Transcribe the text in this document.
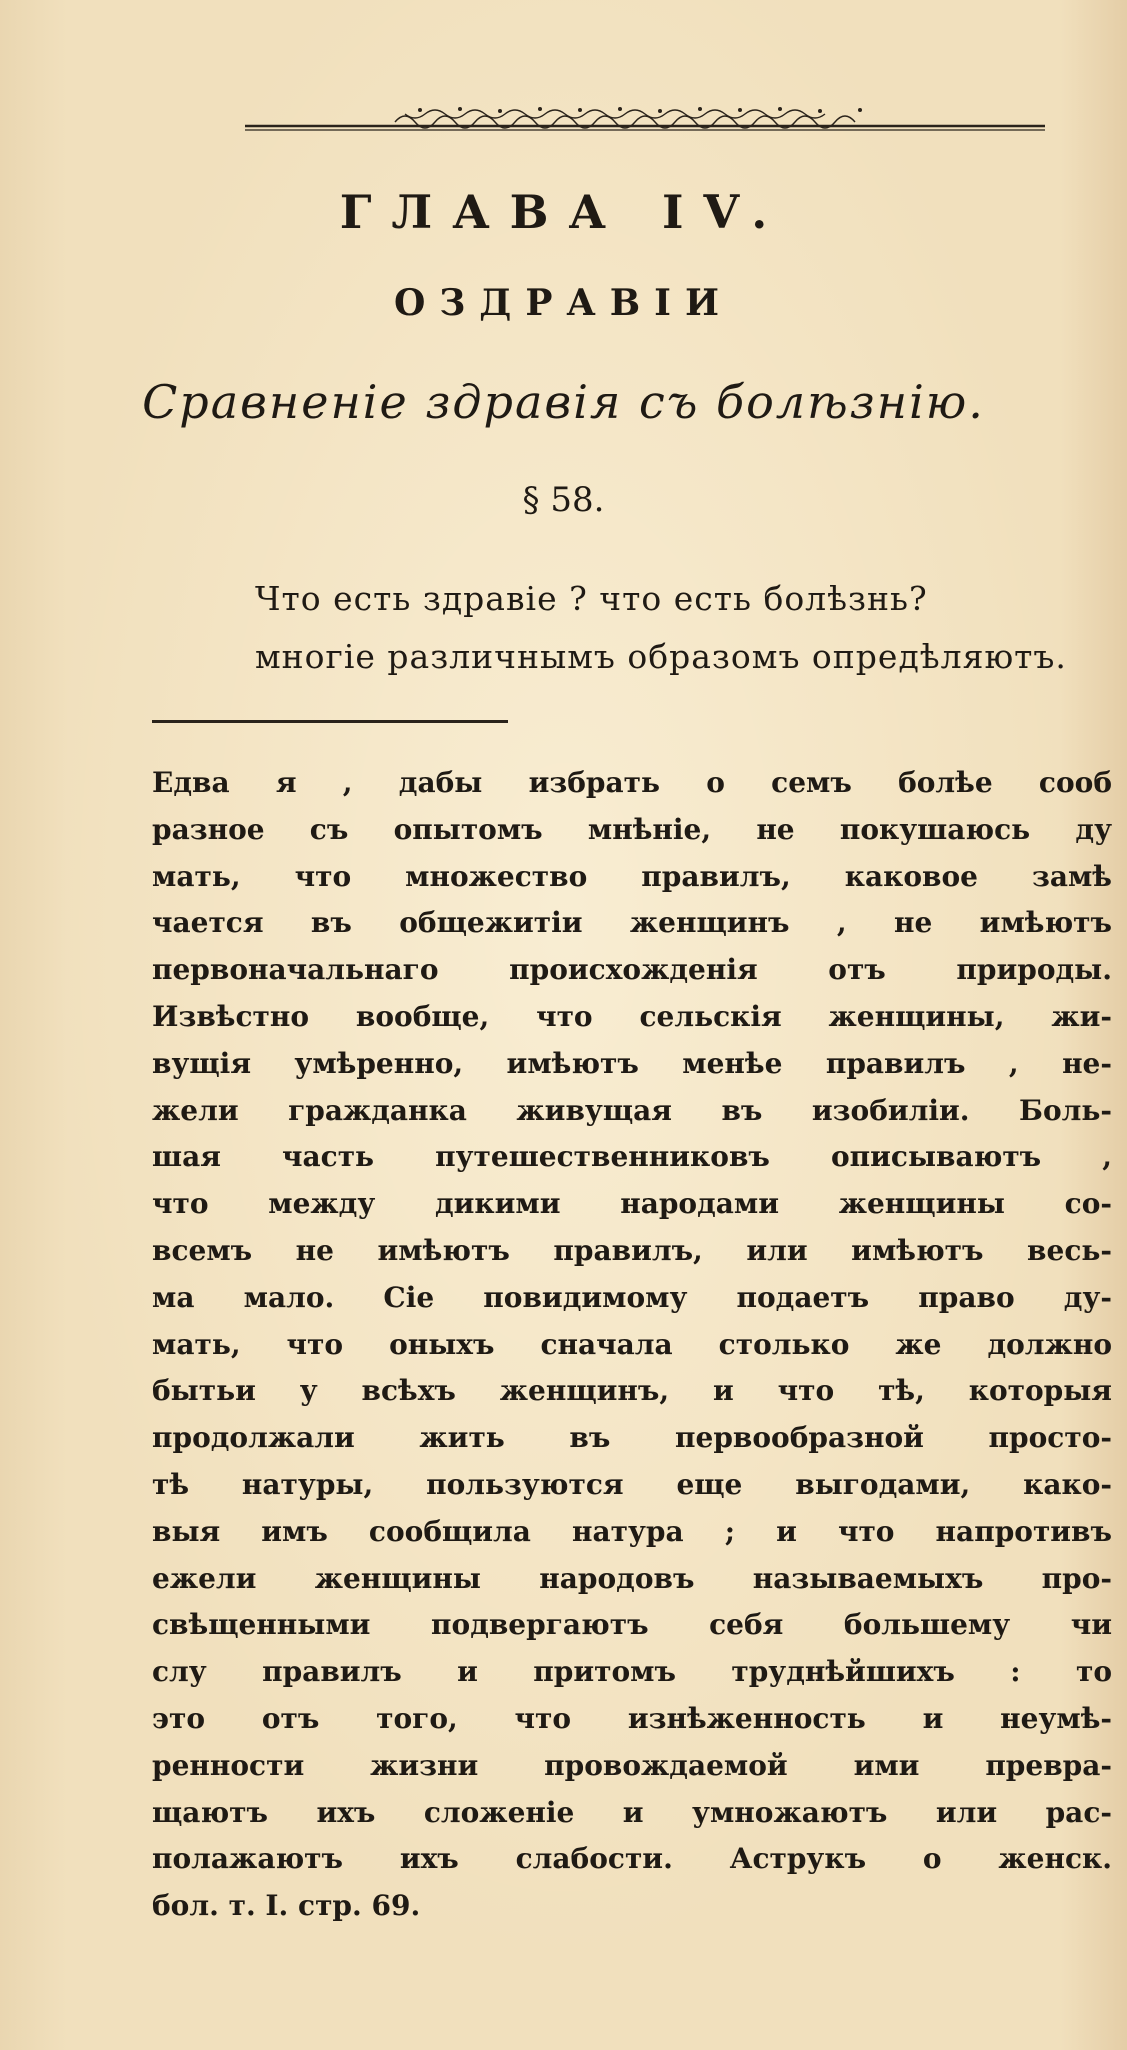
ГЛАВА IV.
ОЗДРАВIИ
Сравненіе здравія съ болѣзнію.
§ 58.
Что есть здравіе ? что есть болѣзнь?
многіе различнымъ образомъ опредѣляютъ.
Едва я , дабы избрать о семъ болѣе сооб
разное съ опытомъ мнѣніе, не покушаюсь ду
мать, что множество правилъ, каковое замѣ
чается въ общежитіи женщинъ , не имѣютъ
первоначальнаго происхожденія отъ природы.
Извѣстно вообще, что сельскія женщины, жи-
вущія умѣренно, имѣютъ менѣе правилъ , не-
жели гражданка живущая въ изобиліи. Боль-
шая часть путешественниковъ описываютъ ,
что между дикими народами женщины со-
всемъ не имѣютъ правилъ, или имѣютъ весь-
ма мало. Сіе повидимому подаетъ право ду-
мать, что оныхъ сначала столько же должно
бытьи у всѣхъ женщинъ, и что тѣ, которыя
продолжали жить въ первообразной просто-
тѣ натуры, пользуются еще выгодами, како-
выя имъ сообщила натура ; и что напротивъ
ежели женщины народовъ называемыхъ про-
свѣщенными подвергаютъ себя большему чи
слу правилъ и притомъ труднѣйшихъ : то
это отъ того, что изнѣженность и неумѣ-
ренности жизни провождаемой ими превра-
щаютъ ихъ сложеніе и умножаютъ или рас-
полажаютъ ихъ слабости. Аструкъ о женск.
бол. т. I. стр. 69.
